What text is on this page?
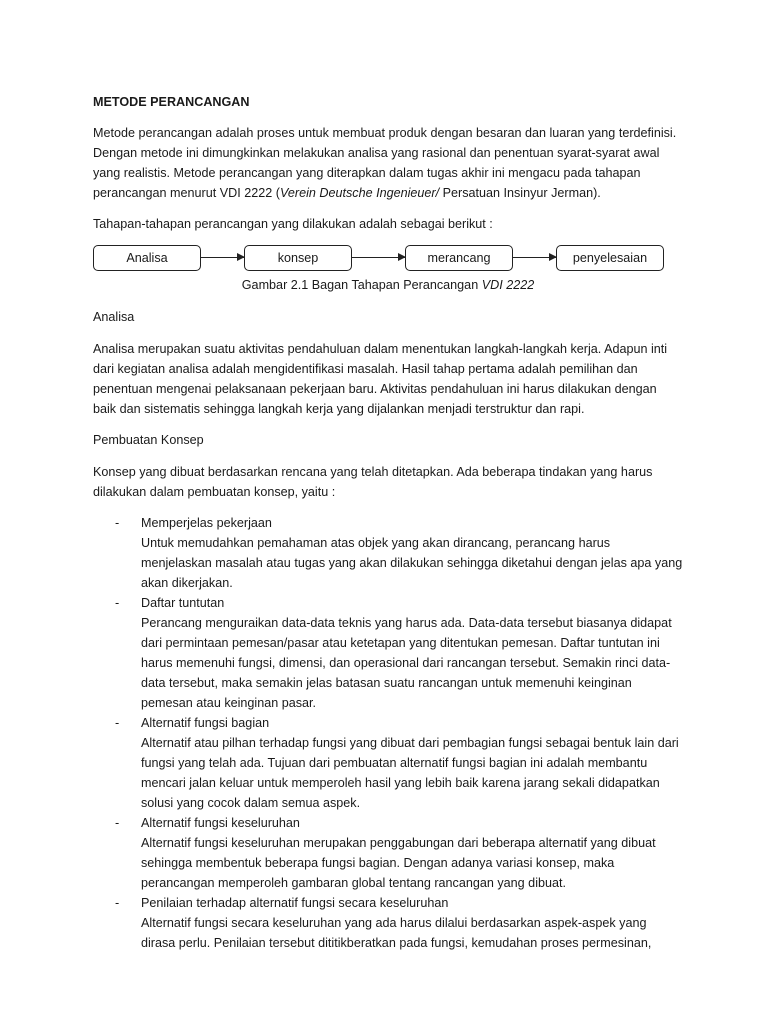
METODE PERANCANGAN

Metode perancangan adalah proses untuk membuat produk dengan besaran dan luaran yang terdefinisi. Dengan metode ini dimungkinkan melakukan analisa yang rasional dan penentuan syarat-syarat awal yang realistis. Metode perancangan yang diterapkan dalam tugas akhir ini mengacu pada tahapan perancangan menurut VDI 2222 (Verein Deutsche Ingenieuer/ Persatuan Insinyur Jerman).

Tahapan-tahapan perancangan yang dilakukan adalah sebagai berikut :

Analisa	konsep	merancang	penyelesaian
Gambar 2.1 Bagan Tahapan Perancangan VDI 2222
Analisa

Analisa merupakan suatu aktivitas pendahuluan dalam menentukan langkah-langkah kerja. Adapun inti dari kegiatan analisa adalah mengidentifikasi masalah. Hasil tahap pertama adalah pemilihan dan penentuan mengenai pelaksanaan pekerjaan baru. Aktivitas pendahuluan ini harus dilakukan dengan baik dan sistematis sehingga langkah kerja yang dijalankan menjadi terstruktur dan rapi.

Pembuatan Konsep

Konsep yang dibuat berdasarkan rencana yang telah ditetapkan. Ada beberapa tindakan yang harus dilakukan dalam pembuatan konsep, yaitu :

- Memperjelas pekerjaan
Untuk memudahkan pemahaman atas objek yang akan dirancang, perancang harus menjelaskan masalah atau tugas yang akan dilakukan sehingga diketahui dengan jelas apa yang akan dikerjakan.
- Daftar tuntutan
Perancang menguraikan data-data teknis yang harus ada. Data-data tersebut biasanya didapat dari permintaan pemesan/pasar atau ketetapan yang ditentukan pemesan. Daftar tuntutan ini harus memenuhi fungsi, dimensi, dan operasional dari rancangan tersebut. Semakin rinci data-data tersebut, maka semakin jelas batasan suatu rancangan untuk memenuhi keinginan pemesan atau keinginan pasar.
- Alternatif fungsi bagian
Alternatif atau pilhan terhadap fungsi yang dibuat dari pembagian fungsi sebagai bentuk lain dari fungsi yang telah ada. Tujuan dari pembuatan alternatif fungsi bagian ini adalah membantu mencari jalan keluar untuk memperoleh hasil yang lebih baik karena jarang sekali didapatkan solusi yang cocok dalam semua aspek.
- Alternatif fungsi keseluruhan
Alternatif fungsi keseluruhan merupakan penggabungan dari beberapa alternatif yang dibuat sehingga membentuk beberapa fungsi bagian. Dengan adanya variasi konsep, maka perancangan memperoleh gambaran global tentang rancangan yang dibuat.
- Penilaian terhadap alternatif fungsi secara keseluruhan
Alternatif fungsi secara keseluruhan yang ada harus dilalui berdasarkan aspek-aspek yang dirasa perlu. Penilaian tersebut dititikberatkan pada fungsi, kemudahan proses permesinan,
